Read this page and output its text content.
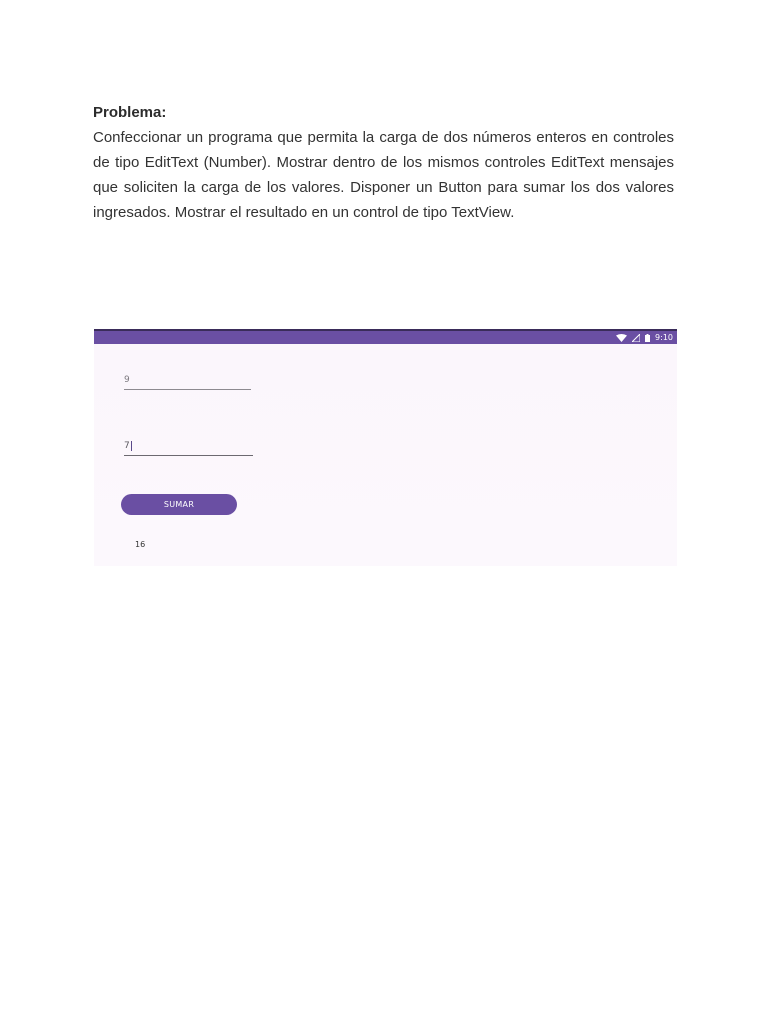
Problema:

Confeccionar un programa que permita la carga de dos números enteros en controles de tipo EditText (Number). Mostrar dentro de los mismos controles EditText mensajes que soliciten la carga de los valores. Disponer un Button para sumar los dos valores ingresados. Mostrar el resultado en un control de tipo TextView.

9:10
9
7
SUMAR
16
